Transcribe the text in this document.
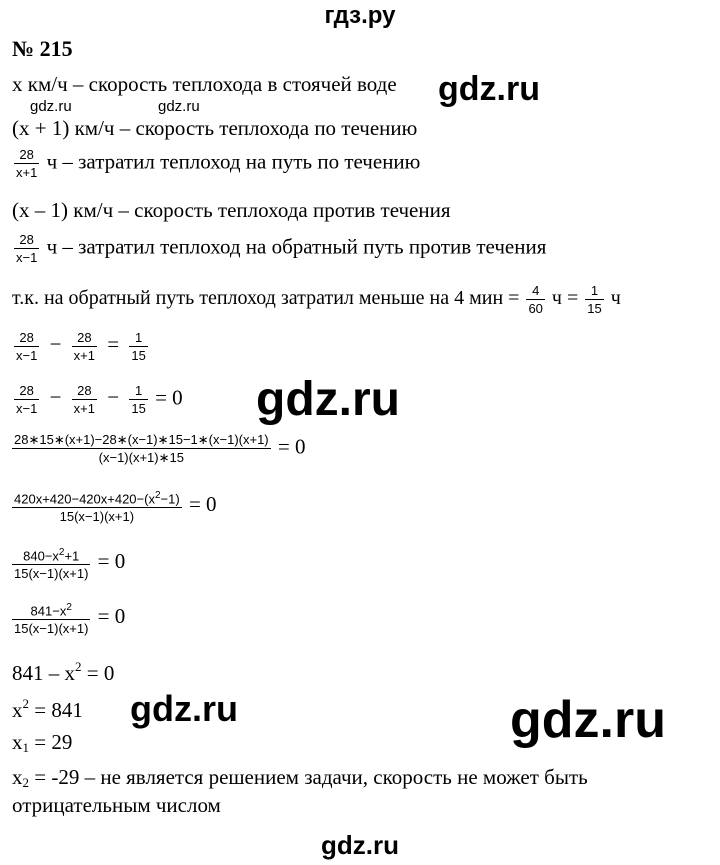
гдз.ру
№ 215
x км/ч – скорость теплохода в стоячей воде gdz.ru
gdz.ru	gdz.ru
(x + 1) км/ч – скорость теплохода по течению
$\frac{28}{x+1}$ ч – затратил теплоход на путь по течению
(x – 1) км/ч – скорость теплохода против течения
$\frac{28}{x-1}$ ч – затратил теплоход на обратный путь против течения
т.к. на обратный путь теплоход затратил меньше на 4 мин = $\frac{4}{60}$ $ч = \frac{1}{15}$ ч
$\frac{28}{x-1} - \frac{28}{x+1} = \frac{1}{15}$
$\frac{28}{x-1} - \frac{28}{x+1} - \frac{1}{15} = 0$ gdz.ru
$\frac{28∗15∗(x+1)-28∗(x-1)∗15-1∗(x-1)(x+1)}{(x-1)(x+1)∗15} = 0$
$\frac{420x+420-420x+420-(x^2-1)}{15(x-1)(x+1)} = 0$
$\frac{840-x^2+1}{15(x-1)(x+1)} = 0$
$\frac{841-x^2}{15(x-1)(x+1)} = 0$
$841 - x^2 = 0$
$x^2 = 841$ gdz.ru	gdz.ru
$x_1 = 29$
$x_2 = -29$ – не является решением задачи, скорость не может быть
отрицательным числом
gdz.ru
